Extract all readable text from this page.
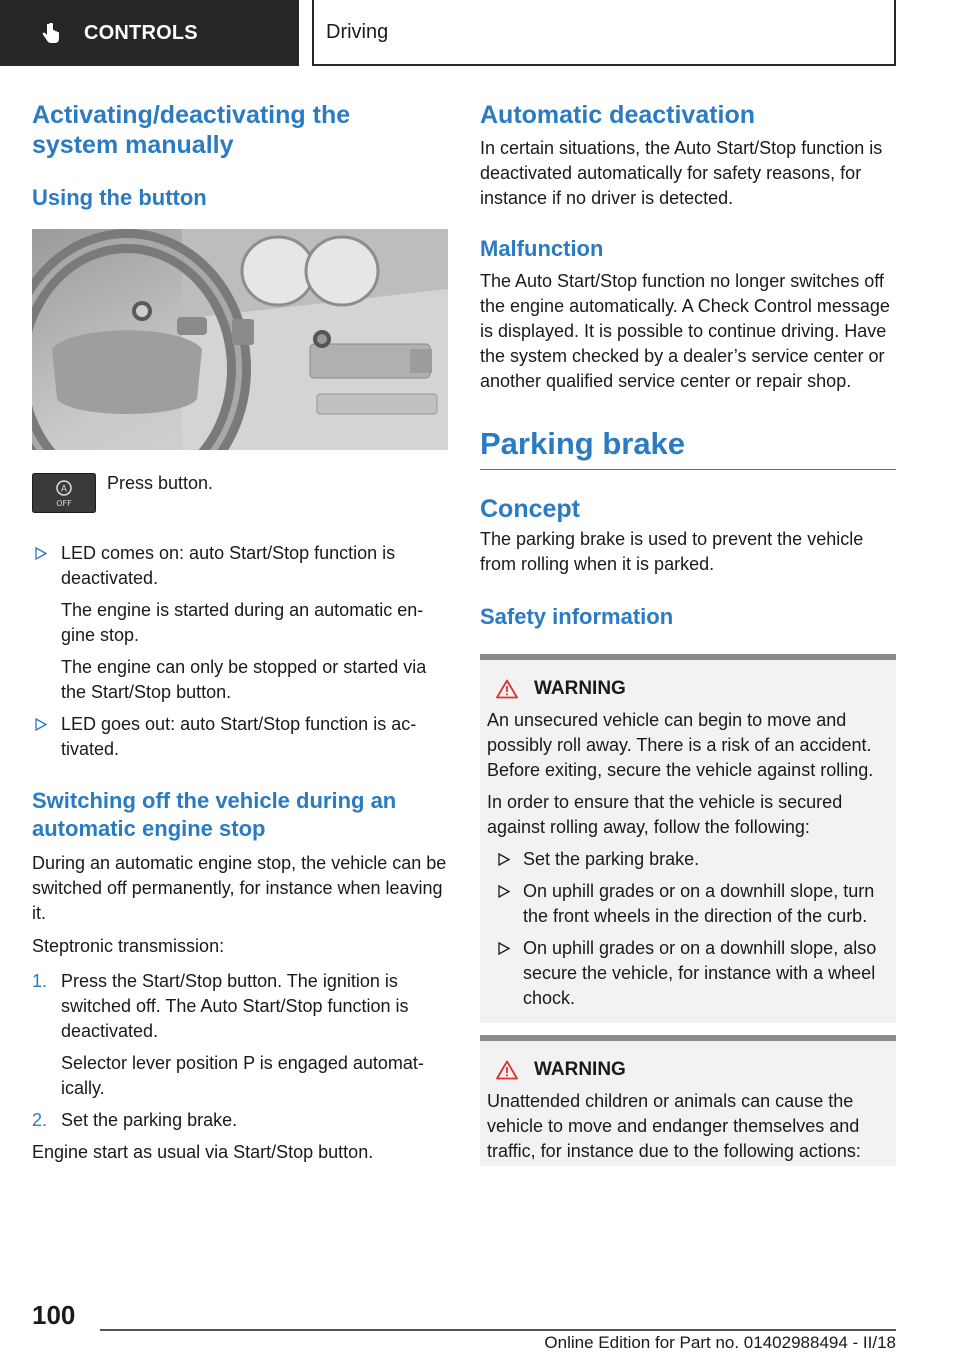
CONTROLS	Driving
Activating/deactivating the system manually
Using the button
A
OFF
Press button.
LED comes on: auto Start/Stop function is deactivated.
The engine is started during an automatic engine stop.
The engine can only be stopped or started via the Start/Stop button.
LED goes out: auto Start/Stop function is activated.
Switching off the vehicle during an automatic engine stop
During an automatic engine stop, the vehicle can be switched off permanently, for instance when leaving it.
Steptronic transmission:
1. Press the Start/Stop button. The ignition is switched off. The Auto Start/Stop function is deactivated.
Selector lever position P is engaged automatically.
2. Set the parking brake.
Engine start as usual via Start/Stop button.
Automatic deactivation
In certain situations, the Auto Start/Stop function is deactivated automatically for safety reasons, for instance if no driver is detected.
Malfunction
The Auto Start/Stop function no longer switches off the engine automatically. A Check Control message is displayed. It is possible to continue driving. Have the system checked by a dealer’s service center or another qualified service center or repair shop.
Parking brake
Concept
The parking brake is used to prevent the vehicle from rolling when it is parked.
Safety information
WARNING
An unsecured vehicle can begin to move and possibly roll away. There is a risk of an accident. Before exiting, secure the vehicle against rolling.
In order to ensure that the vehicle is secured against rolling away, follow the following:
Set the parking brake.
On uphill grades or on a downhill slope, turn the front wheels in the direction of the curb.
On uphill grades or on a downhill slope, also secure the vehicle, for instance with a wheel chock.
WARNING
Unattended children or animals can cause the vehicle to move and endanger themselves and traffic, for instance due to the following actions:
100
Online Edition for Part no. 01402988494 - II/18
